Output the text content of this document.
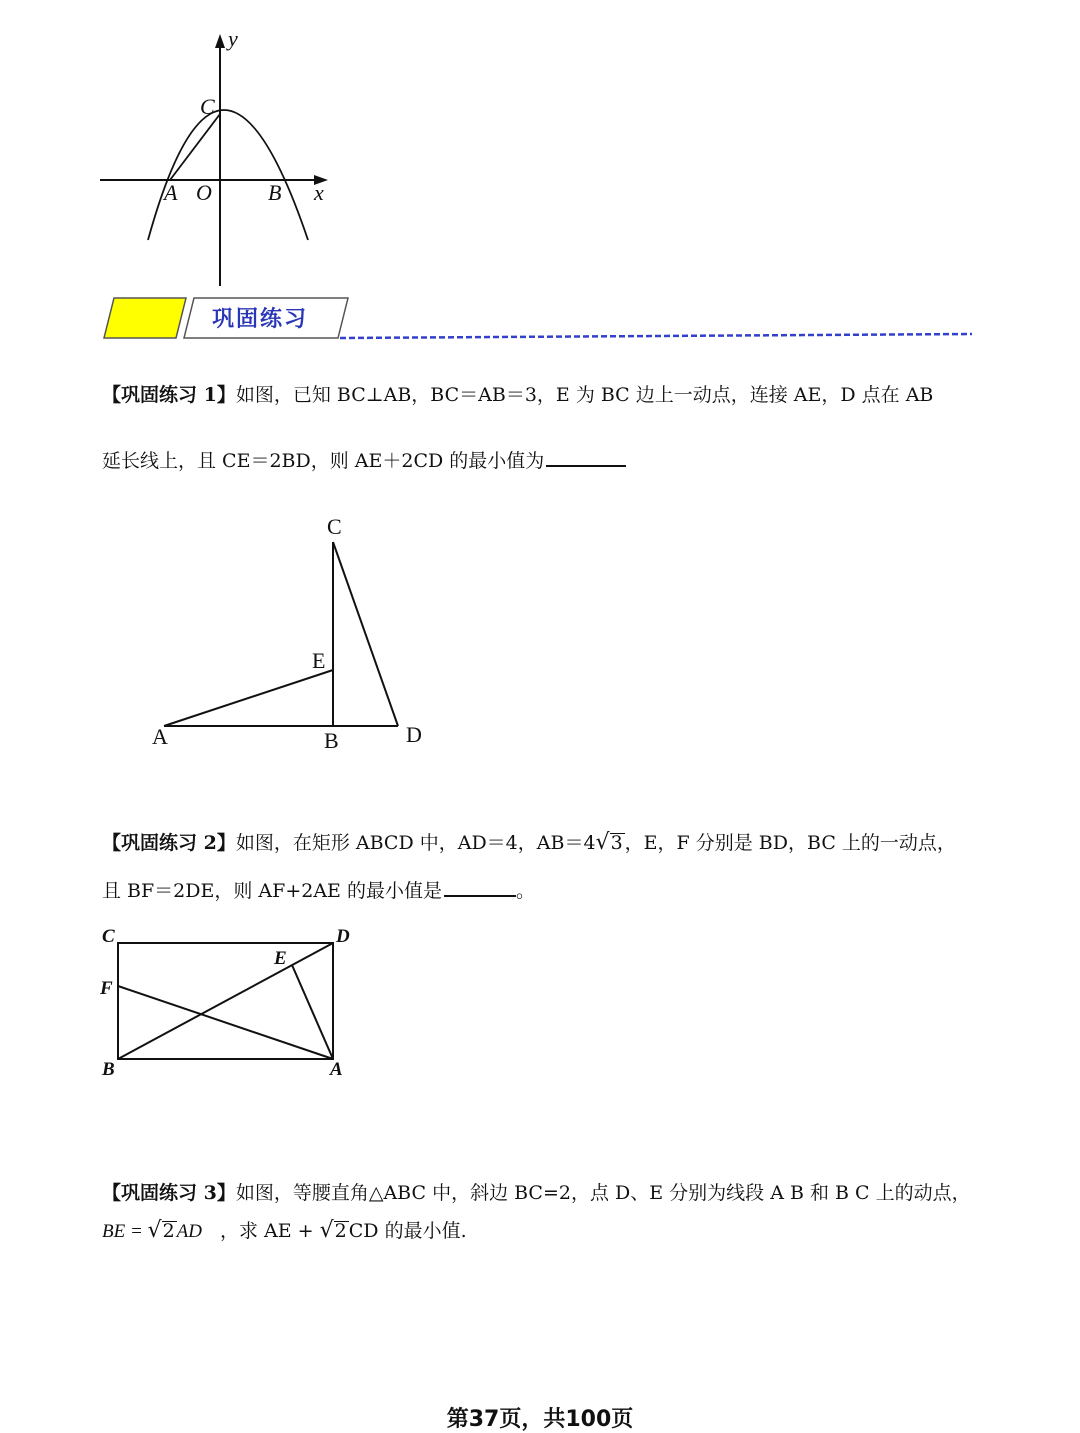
y
x
C
A O	B
巩固练习
【巩固练习 1】如图，已知 BC⊥AB，BC＝AB＝3，E 为 BC 边上一动点，连接 AE，D 点在 AB
延长线上，且 CE＝2BD，则 AE＋2CD 的最小值为
C
E
A	B	D
【巩固练习 2】如图，在矩形 ABCD 中，AD＝4，AB＝4√3 ，E，F 分别是 BD，BC 上的一动点，
且 BF＝2DE，则 AF+2AE 的最小值是	。
C	D
E
F
B	A
【巩固练习 3】如图，等腰直角△ABC 中，斜边 BC=2，点 D、E 分别为线段 A B 和 B C 上的动点，
BE = √2 AD ，求 AE + √2 CD 的最小值.
第37页，共100页
